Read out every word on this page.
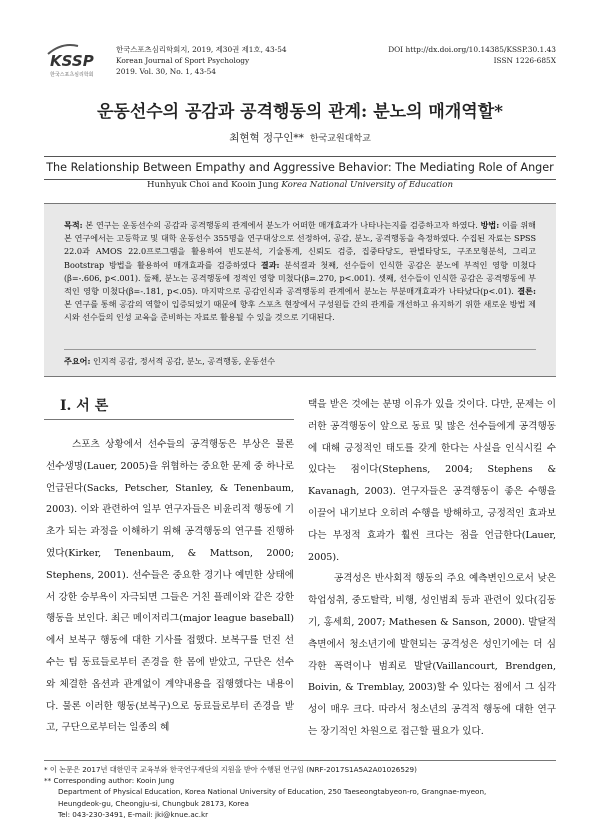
KSSP
한국스포츠심리학회
한국스포츠심리학회지, 2019, 제30권 제1호, 43-54
Korean Journal of Sport Psychology
2019. Vol. 30, No. 1, 43-54
DOI http://dx.doi.org/10.14385/KSSP.30.1.43
ISSN 1226-685X
운동선수의 공감과 공격행동의 관계: 분노의 매개역할*
최현혁 정구인** 한국교원대학교
The Relationship Between Empathy and Aggressive Behavior: The Mediating Role of Anger
Hunhyuk Choi and Kooin Jung Korea National University of Education
목적: 본 연구는 운동선수의 공감과 공격행동의 관계에서 분노가 어떠한 매개효과가 나타나는지를 검증하고자 하였다. 방법: 이를 위해 본 연구에서는 고등학교 및 대학 운동선수 355명을 연구대상으로 선정하여, 공감, 분노, 공격행동을 측정하였다. 수집된 자료는 SPSS 22.0과 AMOS 22.0프로그램을 활용하여 빈도분석, 기술통계, 신뢰도 검증, 집중타당도, 판별타당도, 구조모형분석, 그리고 Bootstrap 방법을 활용하여 매개효과를 검증하였다 결과: 분석결과 첫째, 선수들이 인식한 공감은 분노에 부적인 영향 미쳤다(β=-.606, p<.001). 둘째, 분노는 공격행동에 정적인 영향 미쳤다(β=.270, p<.001). 셋째, 선수들이 인식한 공감은 공격행동에 부적인 영향 미쳤다(β=-.181, p<.05). 마지막으로 공감인식과 공격행동의 관계에서 분노는 부분매개효과가 나타났다(p<.01). 결론: 본 연구를 통해 공감의 역할이 입증되었기 때문에 향후 스포츠 현장에서 구성원들 간의 관계를 개선하고 유지하기 위한 새로운 방법 제시와 선수들의 인성 교육을 준비하는 자료로 활용될 수 있을 것으로 기대된다.
주요어: 인지적 공감, 정서적 공감, 분노, 공격행동, 운동선수
I. 서 론
스포츠 상황에서 선수들의 공격행동은 부상은 물론 선수생명(Lauer, 2005)을 위협하는 중요한 문제 중 하나로 언급된다(Sacks, Petscher, Stanley, & Tenenbaum, 2003). 이와 관련하여 일부 연구자들은 비윤리적 행동에 기초가 되는 과정을 이해하기 위해 공격행동의 연구를 진행하였다(Kirker, Tenenbaum, & Mattson, 2000; Stephens, 2001). 선수들은 중요한 경기나 예민한 상태에서 강한 승부욕이 자극되면 그들은 거친 플레이와 같은 강한 행동을 보인다. 최근 메이저리그(major league baseball)에서 보복구 행동에 대한 기사를 접했다. 보복구를 던진 선수는 팀 동료들로부터 존경을 한 몸에 받았고, 구단은 선수와 체결한 옵션과 관계없이 계약내용을 집행했다는 내용이다. 물론 이러한 행동(보복구)으로 동료들로부터 존경을 받고, 구단으로부터는 일종의 혜

택을 받은 것에는 분명 이유가 있을 것이다. 다만, 문제는 이러한 공격행동이 앞으로 동료 및 많은 선수들에게 공격행동에 대해 긍정적인 태도를 갖게 한다는 사실을 인식시킬 수 있다는 점이다(Stephens, 2004; Stephens & Kavanagh, 2003). 연구자들은 공격행동이 좋은 수행을 이끌어 내기보다 오히려 수행을 방해하고, 긍정적인 효과보다는 부정적 효과가 훨씬 크다는 점을 언급한다(Lauer, 2005).

공격성은 반사회적 행동의 주요 예측변인으로서 낮은 학업성취, 중도탈락, 비행, 성인범죄 등과 관련이 있다(김동기, 홍세희, 2007; Mathesen & Sanson, 2000). 발달적 측면에서 청소년기에 발현되는 공격성은 성인기에는 더 심각한 폭력이나 범죄로 발달(Vaillancourt, Brendgen, Boivin, & Tremblay, 2003)할 수 있다는 점에서 그 심각성이 매우 크다. 따라서 청소년의 공격적 행동에 대한 연구는 장기적인 차원으로 접근할 필요가 있다.

* 이 논문은 2017년 대한민국 교육부와 한국연구재단의 지원을 받아 수행된 연구임 (NRF-2017S1A5A2A01026529)
** Corresponding author: Kooin Jung
Department of Physical Education, Korea National University of Education, 250 Taeseongtabyeon-ro, Grangnae-myeon,
Heungdeok-gu, Cheongju-si, Chungbuk 28173, Korea
Tel: 043-230-3491, E-mail: jki@knue.ac.kr
